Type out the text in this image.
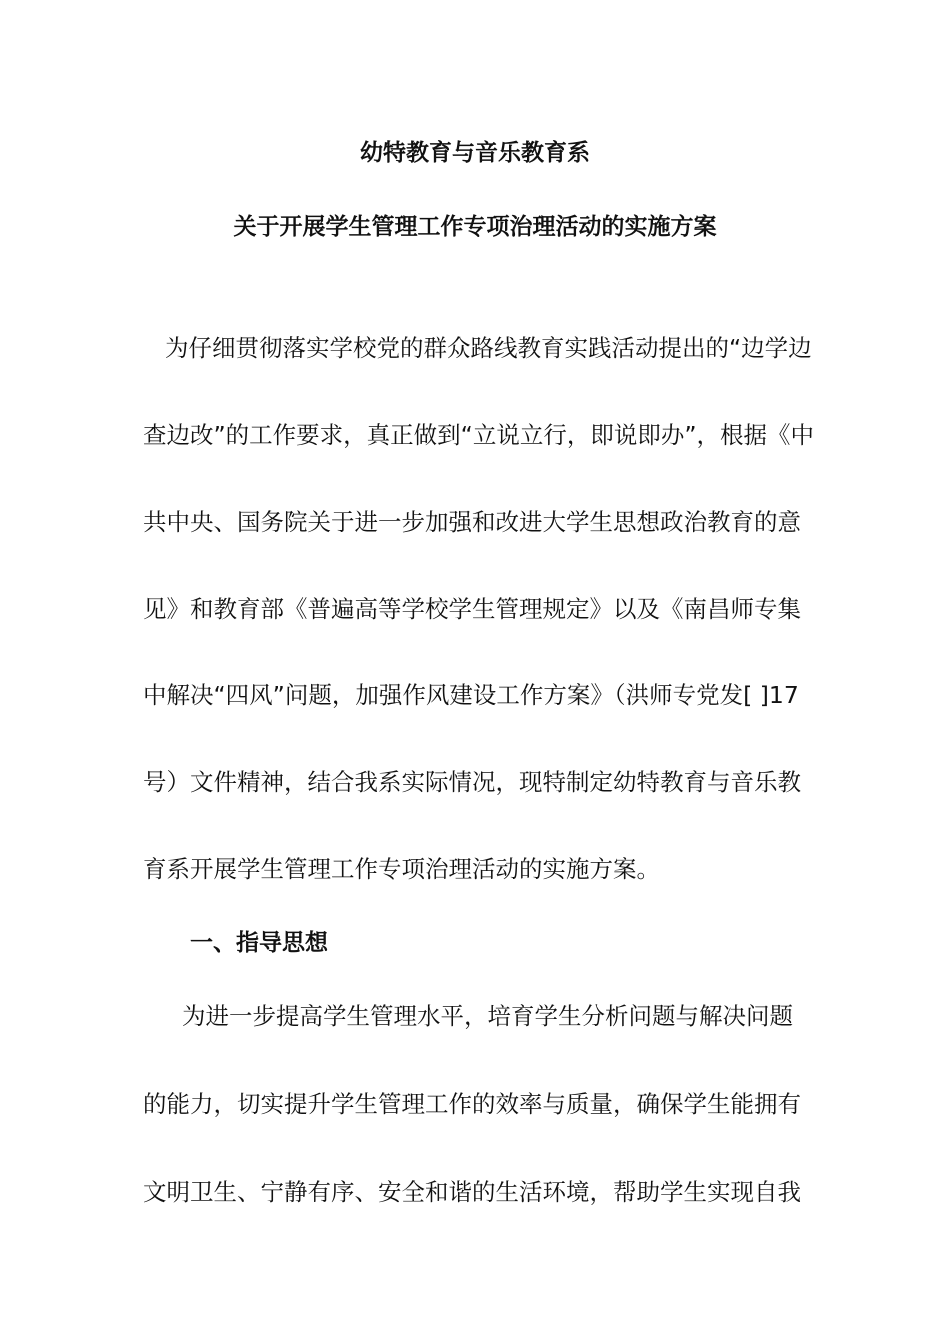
幼特教育与音乐教育系
关于开展学生管理工作专项治理活动的实施方案
为仔细贯彻落实学校党的群众路线教育实践活动提出的“边学边
查边改”的工作要求，真正做到“立说立行，即说即办”，根据《中
共中央、国务院关于进一步加强和改进大学生思想政治教育的意
见》和教育部《普遍高等学校学生管理规定》以及《南昌师专集
中解决“四风”问题，加强作风建设工作方案》（洪师专党发[ ]17
号）文件精神，结合我系实际情况，现特制定幼特教育与音乐教
育系开展学生管理工作专项治理活动的实施方案。
一、指导思想
为进一步提高学生管理水平，培育学生分析问题与解决问题
的能力，切实提升学生管理工作的效率与质量，确保学生能拥有
文明卫生、宁静有序、安全和谐的生活环境，帮助学生实现自我
